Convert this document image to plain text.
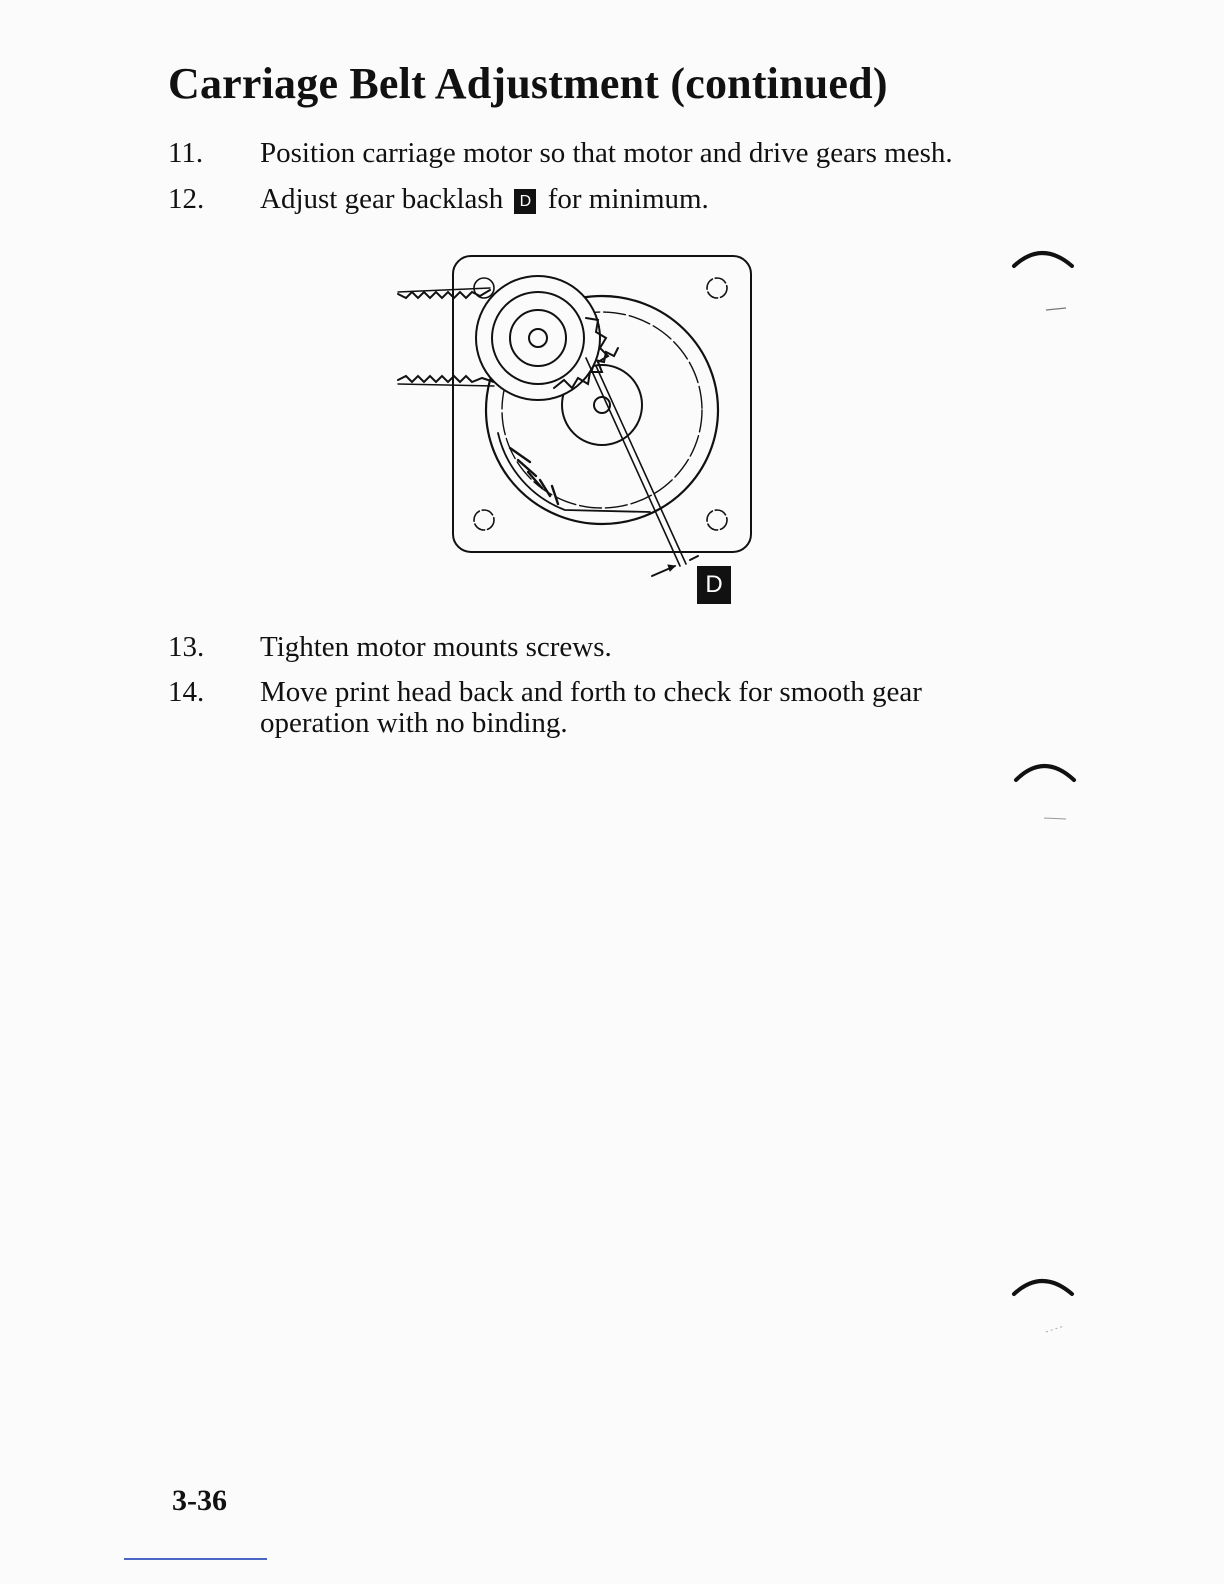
Carriage Belt Adjustment (continued)
11.	Position carriage motor so that motor and drive gears mesh.
12.	Adjust gear backlash D for minimum.
D
13.	Tighten motor mounts screws.
14.	Move print head back and forth to check for smooth gear
operation with no binding.
3-36
